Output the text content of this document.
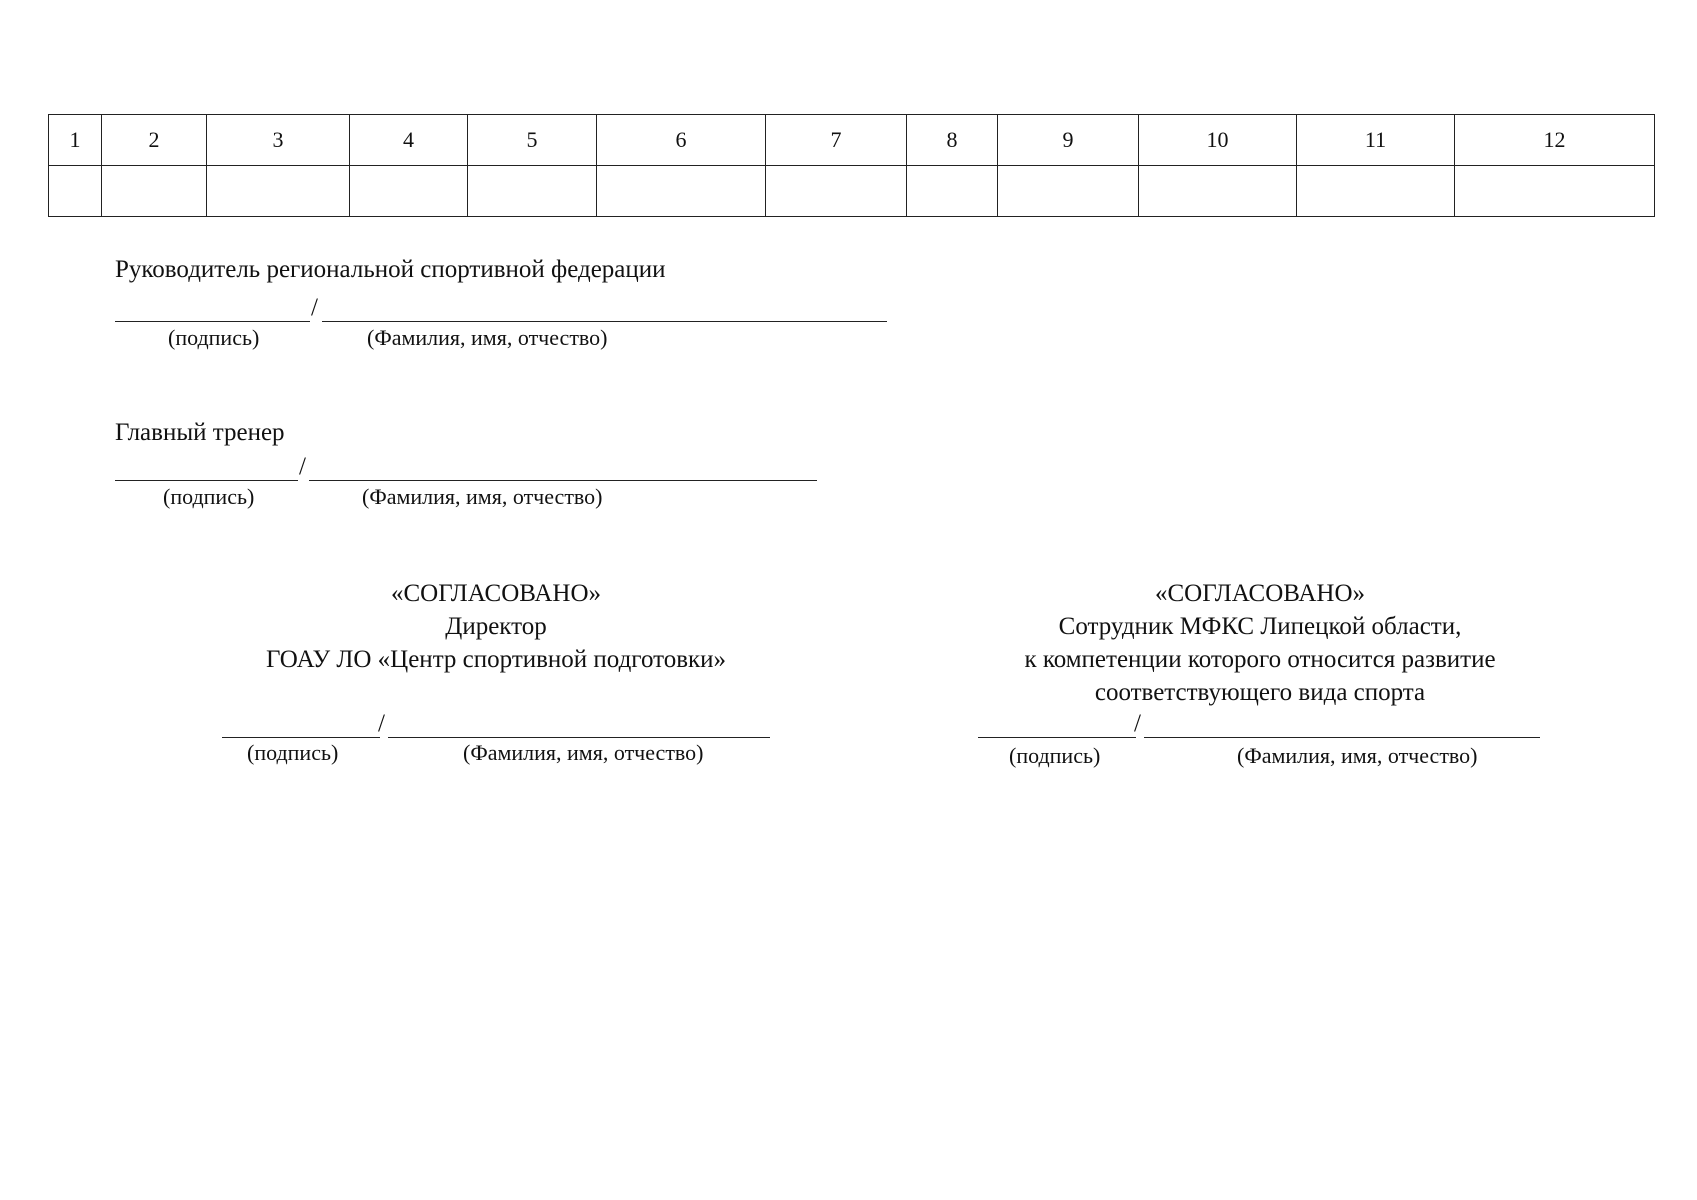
1	2	3	4	5	6	7	8	9	10	11	12

Руководитель региональной спортивной федерации
/
(подпись)	(Фамилия, имя, отчество)
Главный тренер
/
(подпись)	(Фамилия, имя, отчество)
«СОГЛАСОВАНО»
Директор
ГОАУ ЛО «Центр спортивной подготовки»
/
(подпись)	(Фамилия, имя, отчество)
«СОГЛАСОВАНО»
Сотрудник МФКС Липецкой области,
к компетенции которого относится развитие
соответствующего вида спорта
/
(подпись)	(Фамилия, имя, отчество)
